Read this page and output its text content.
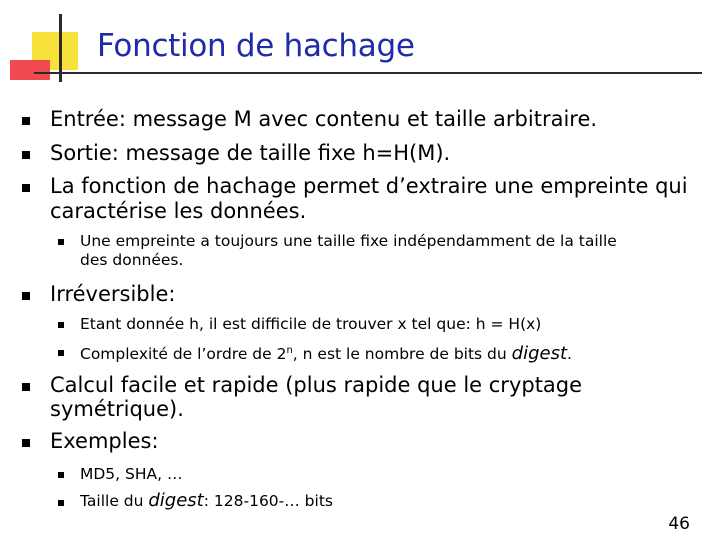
Fonction de hachage
Entrée: message M avec contenu et taille arbitraire.
Sortie: message de taille fixe h=H(M).
La fonction de hachage permet d’extraire une empreinte qui
caractérise les données.
Une empreinte a toujours une taille fixe indépendamment de la taille
des données.
Irréversible:
Etant donnée h, il est difficile de trouver x tel que: h = H(x)
Complexité de l’ordre de 2$^n$, n est le nombre de bits du digest.
Calcul facile et rapide (plus rapide que le cryptage
symétrique).
Exemples:
MD5, SHA, …
Taille du digest: 128-160-… bits
46
